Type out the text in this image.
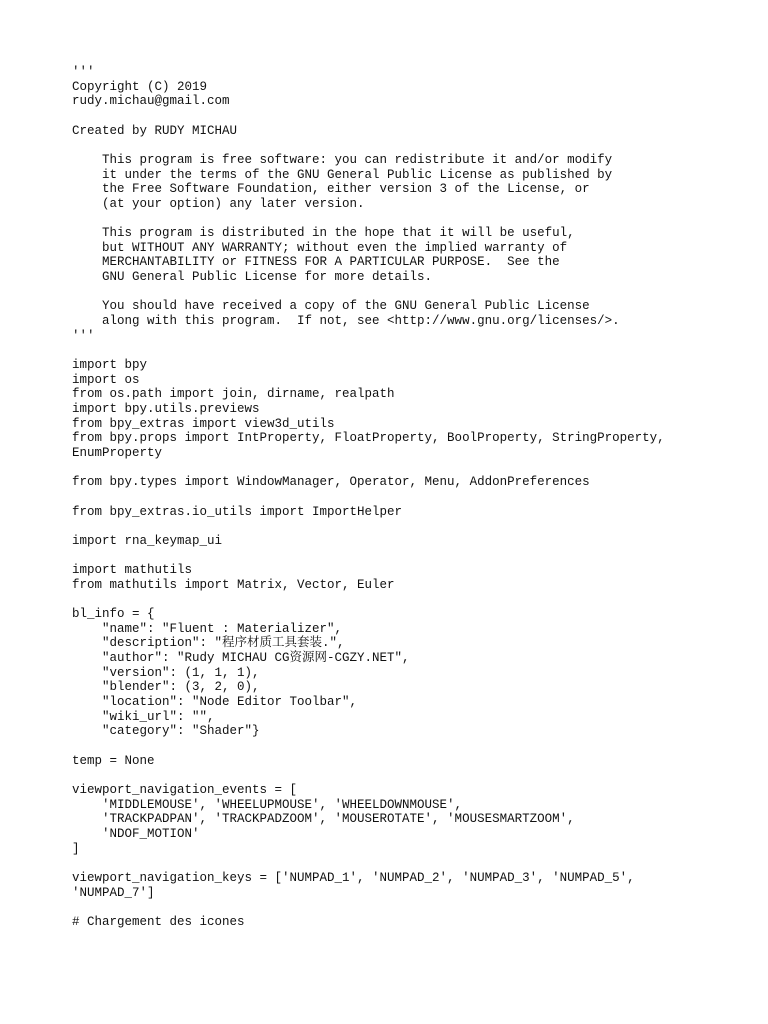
'''
Copyright (C) 2019
rudy.michau@gmail.com
Created by RUDY MICHAU
This program is free software: you can redistribute it and/or modify
it under the terms of the GNU General Public License as published by
the Free Software Foundation, either version 3 of the License, or
(at your option) any later version.
This program is distributed in the hope that it will be useful,
but WITHOUT ANY WARRANTY; without even the implied warranty of
MERCHANTABILITY or FITNESS FOR A PARTICULAR PURPOSE.  See the
GNU General Public License for more details.
You should have received a copy of the GNU General Public License
along with this program.  If not, see <http://www.gnu.org/licenses/>.
'''
import bpy
import os
from os.path import join, dirname, realpath
import bpy.utils.previews
from bpy_extras import view3d_utils
from bpy.props import IntProperty, FloatProperty, BoolProperty, StringProperty,
EnumProperty
from bpy.types import WindowManager, Operator, Menu, AddonPreferences
from bpy_extras.io_utils import ImportHelper
import rna_keymap_ui
import mathutils
from mathutils import Matrix, Vector, Euler
bl_info = {
"name": "Fluent : Materializer",
"description": "程序材质工具套装.",
"author": "Rudy MICHAU CG资源网-CGZY.NET",
"version": (1, 1, 1),
"blender": (3, 2, 0),
"location": "Node Editor Toolbar",
"wiki_url": "",
"category": "Shader"}
temp = None
viewport_navigation_events = [
'MIDDLEMOUSE', 'WHEELUPMOUSE', 'WHEELDOWNMOUSE',
'TRACKPADPAN', 'TRACKPADZOOM', 'MOUSEROTATE', 'MOUSESMARTZOOM',
'NDOF_MOTION'
]
viewport_navigation_keys = ['NUMPAD_1', 'NUMPAD_2', 'NUMPAD_3', 'NUMPAD_5',
'NUMPAD_7']
# Chargement des icones
